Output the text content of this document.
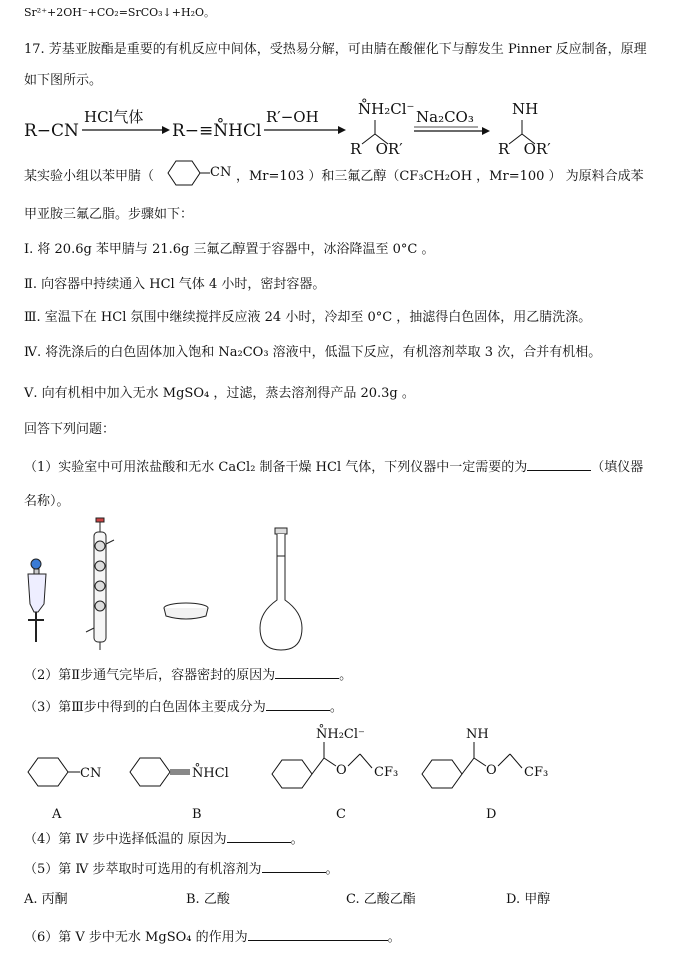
Sr²⁺+2OH⁻+CO₂=SrCO₃↓+H₂O。
17. 芳基亚胺酯是重要的有机反应中间体，受热易分解，可由腈在酸催化下与醇发生 Pinner 反应制备，原理
如下图所示。
R−CN
HCl气体
R−≡N̊HCl
R′−OH	N̊H₂Cl⁻
R   OR′
Na₂CO₃	NH
R   OR′
某实验小组以苯甲腈（	CN ，Mr=103 ）和三氟乙醇（CF₃CH₂OH ，Mr=100 ） 为原料合成苯
甲亚胺三氟乙脂。步骤如下：
Ⅰ. 将 20.6g 苯甲腈与 21.6g 三氟乙醇置于容器中，冰浴降温至 0°C 。
Ⅱ. 向容器中持续通入 HCl 气体 4 小时，密封容器。
Ⅲ. 室温下在 HCl 氛围中继续搅拌反应液 24 小时，冷却至 0°C ，抽滤得白色固体，用乙腈洗涤。
Ⅳ. 将洗涤后的白色固体加入饱和 Na₂CO₃ 溶液中，低温下反应，有机溶剂萃取 3 次，合并有机相。
Ⅴ. 向有机相中加入无水 MgSO₄ ，过滤，蒸去溶剂得产品 20.3g 。
回答下列问题：
（1）实验室中可用浓盐酸和无水 CaCl₂ 制备干燥 HCl 气体，下列仪器中一定需要的为	（填仪器
名称）。
（2）第Ⅱ步通气完毕后，容器密封的原因为	。
（3）第Ⅲ步中得到的白色固体主要成分为	。
CN
A
N̊HCl
B
N̊H₂Cl⁻
O CF₃
C
NH
O CF₃
D
（4）第 Ⅳ 步中选择低温的 原因为	。
（5）第 Ⅳ 步萃取时可选用的有机溶剂为	。
A. 丙酮	B. 乙酸	C. 乙酸乙酯	D. 甲醇
（6）第 Ⅴ 步中无水 MgSO₄ 的作用为	。
